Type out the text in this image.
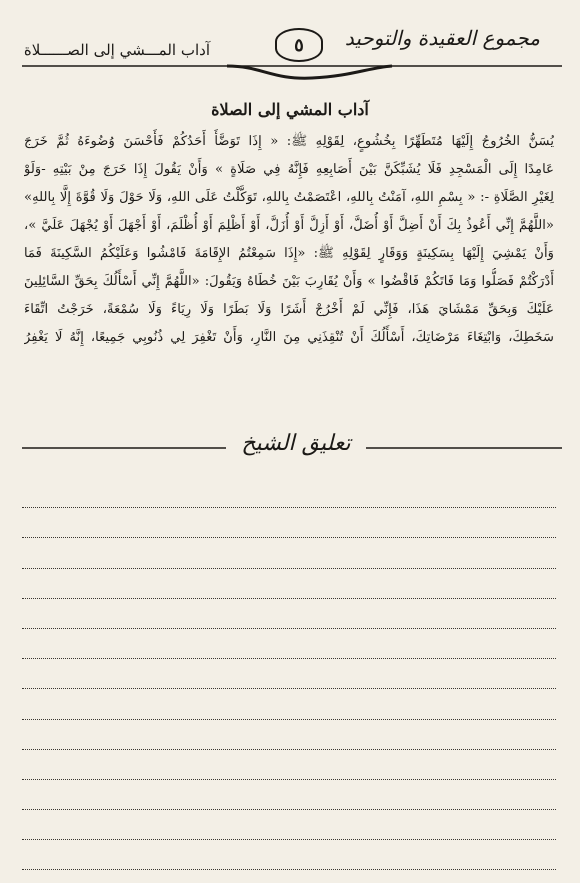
آداب المـــشي إلى الصــــــلاة	مجموع العقيدة والتوحيد
٥
آداب المشي إلى الصلاة
يُسَنُّ الخُرُوجُ إِلَيْهَا مُتَطَهِّرًا بِخُشُوعٍ، لِقَوْلِهِ ﷺ: « إِذَا تَوَضَّأَ أَحَدُكُمْ فَأَحْسَنَ وُضُوءَهُ ثُمَّ خَرَجَ
عَامِدًا إِلَى الْمَسْجِدِ فَلَا يُشَبِّكَنَّ بَيْنَ أَصَابِعِهِ فَإِنَّهُ فِي صَلَاةٍ » وَأَنْ يَقُولَ إِذَا خَرَجَ مِنْ بَيْتِهِ -وَلَوْ
لِغَيْرِ الصَّلَاةِ -: « بِسْمِ اللهِ، آمَنْتُ بِاللهِ، اعْتَصَمْتُ بِاللهِ، تَوَكَّلْتُ عَلَى اللهِ، وَلَا حَوْلَ وَلَا قُوَّةَ إِلَّا بِاللهِ»
«اللَّهُمَّ إِنِّي أَعُوذُ بِكَ أَنْ أَضِلَّ أَوْ أُضَلَّ، أَوْ أَزِلَّ أَوْ أُزَلَّ، أَوْ أَظْلِمَ أَوْ أُظْلَمَ، أَوْ أَجْهَلَ أَوْ يُجْهَلَ عَلَيَّ »،
وَأَنْ يَمْشِيَ إِلَيْهَا بِسَكِينَةٍ وَوَقَارٍ لِقَوْلِهِ ﷺ: «إِذَا سَمِعْتُمُ الإِقَامَةَ فَامْشُوا وَعَلَيْكُمُ السَّكِينَةَ فَمَا
أَدْرَكْتُمْ فَصَلُّوا وَمَا فَاتَكُمْ فَاقْضُوا » وَأَنْ يُقَارِبَ بَيْنَ خُطَاهُ وَيَقُولَ: «اللَّهُمَّ إِنِّي أَسْأَلُكَ بِحَقِّ السَّائِلِينَ
عَلَيْكَ وَبِحَقِّ مَمْشَايَ هَذَا، فَإِنِّي لَمْ أَخْرُجْ أَشَرًا وَلَا بَطَرًا وَلَا رِيَاءً وَلَا سُمْعَةً، خَرَجْتُ اتِّقَاءَ
سَخَطِكَ، وَابْتِغَاءَ مَرْضَاتِكَ، أَسْأَلُكَ أَنْ تُنْقِذَنِي مِنَ النَّارِ، وَأَنْ تَغْفِرَ لِي ذُنُوبِي جَمِيعًا، إِنَّهُ لَا يَغْفِرُ
تعليق الشيخ
